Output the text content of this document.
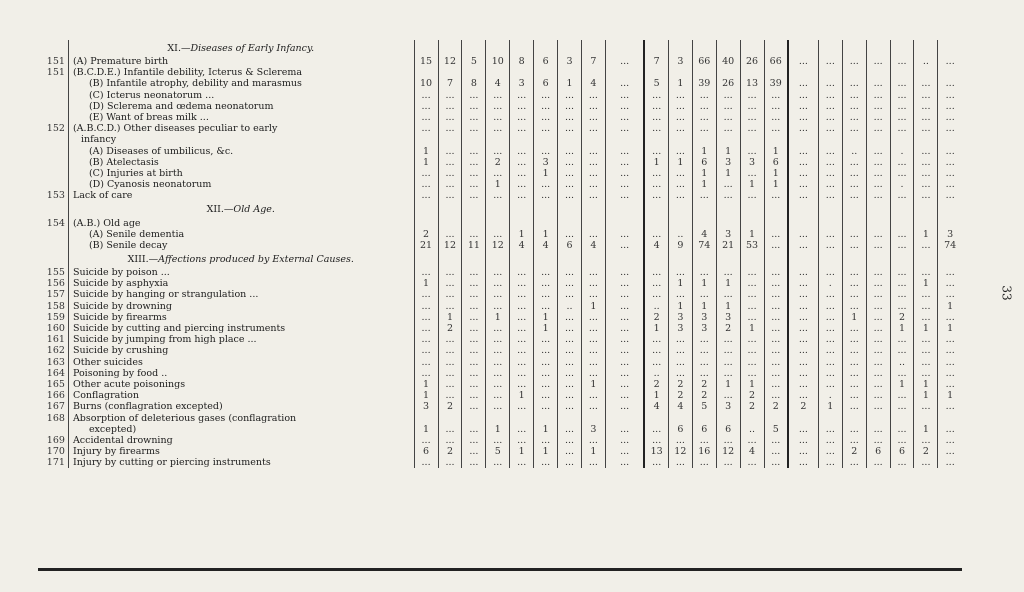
	XI.—Diseases of Early Infancy.																						
151	(A) Premature birth	15	12	5	10	8	6	3	7	...	7	3	66	40	26	66	...	...	...	...	...	..	...
151	(B.C.D.E.) Infantile debility, Icterus & Sclerema																						
	(B) Infantile atrophy, debility and marasmus	10	7	8	4	3	6	1	4	...	5	1	39	26	13	39	...	...	...	...	...	...	...
	(C) Icterus neonatorum ...	...	...	...	...	...	...	...	...	...	...	...	...	...	...	...	...	...	...	...	...	...	...
	(D) Sclerema and œdema neonatorum	...	...	...	...	...	...	...	...	...	...	...	...	...	...	...	...	...	...	...	...	...	...
	(E) Want of breas milk ...	...	...	...	...	...	...	...	...	...	...	...	...	...	...	...	...	...	...	...	...	...	...
152	(A.B.C.D.) Other diseases peculiar to early	...	...	...	...	...	...	...	...	...	...	...	...	...	...	...	...	...	...	...	...	...	...
	infancy																						
	(A) Diseases of umbilicus, &c.	1	...	...	...	...	...	...	...	...	...	...	1	1	...	1	...	...	..	...	.	...	...
	(B) Atelectasis	1	...	...	2	...	3	...	...	...	1	1	6	3	3	6	...	...	...	...	...	...	...
	(C) Injuries at birth	...	...	...	...	...	1	...	...	...	...	...	1	1	...	1	...	...	...	...	...	...	...
	(D) Cyanosis neonatorum	...	...	...	1	...	...	...	...	...	...	...	1	...	1	1	...	...	...	...	.	...	...
153	Lack of care	...	...	...	...	...	...	...	...	...	...	...	...	...	...	...	...	...	...	...	...	...	...
	XII.—Old Age.																						
154	(A.B.) Old age																						
	(A) Senile dementia	2	...	...	...	1	1	...	...	...	...	..	4	3	1	...	...	...	...	...	...	1	3
	(B) Senile decay	21	12	11	12	4	4	6	4	...	4	9	74	21	53	...	...	...	...	...	...	...	74
	XIII.—Affections produced by External Causes.																						
155	Suicide by poison ...	...	...	...	...	...	...	...	...	...	...	...	...	...	...	...	...	...	...	...	...	...	...
156	Suicide by asphyxia	1	...	...	...	...	...	...	...	...	...	1	1	1	...	...	...	.	...	...	...	1	...
157	Suicide by hanging or strangulation ...	...	...	...	...	...	...	...	...	...	...	...	...	...	...	...	...	...	...	...	...	...	...
158	Suicide by drowning	...	...	...	...	...	...	..	1	...	..	1	1	1	...	...	...	...	...	...	...	...	1
159	Suicide by firearms	...	1	...	1	...	1	...	...	...	2	3	3	3	...	...	...	...	1	...	2	...	...
160	Suicide by cutting and piercing instruments	...	2	...	...	...	1	...	...	...	1	3	3	2	1	...	...	...	...	...	1	1	1
161	Suicide by jumping from high place ...	...	...	...	...	...	...	...	...	...	...	...	...	...	...	...	...	...	...	...	...	...	...
162	Suicide by crushing	...	...	...	...	...	...	...	...	...	...	...	...	...	...	...	...	...	...	...	...	...	...
163	Other suicides	...	...	...	...	...	...	...	...	...	...	...	...	...	...	...	...	...	...	...	..	...	...
164	Poisoning by food ..	...	...	...	...	...	...	...	...	...	..	...	...	...	...	...	...	...	...	...	...	...	...
165	Other acute poisonings	1	...	...	...	...	...	...	1	...	2	2	2	1	1	...	...	...	...	...	1	1	...
166	Conflagration	1	...	...	...	1	...	...	...	...	1	2	2	...	2	...	...	.	...	...	...	1	1
167	Burns (conflagration excepted)	3	2	...	...	...	...	...	...	...	4	4	5	3	2	2	2	1	...	...	...	...	...
168	Absorption of deleterious gases (conflagration																						
	excepted)	1	...	...	1	...	1	...	3	...	...	6	6	6	..	5	...	...	...	...	...	1	...
169	Accidental drowning	...	...	...	...	...	...	...	...	...	...	...	...	...	...	...	...	...	...	...	...	...	...
170	Injury by firearms	6	2	...	5	1	1	...	1	...	13	12	16	12	4	...	...	...	2	6	6	2	...
171	Injury by cutting or piercing instruments	...	...	...	...	...	...	...	...	...	...	...	...	...	...	...	...	...	...	...	...	...	...
33
